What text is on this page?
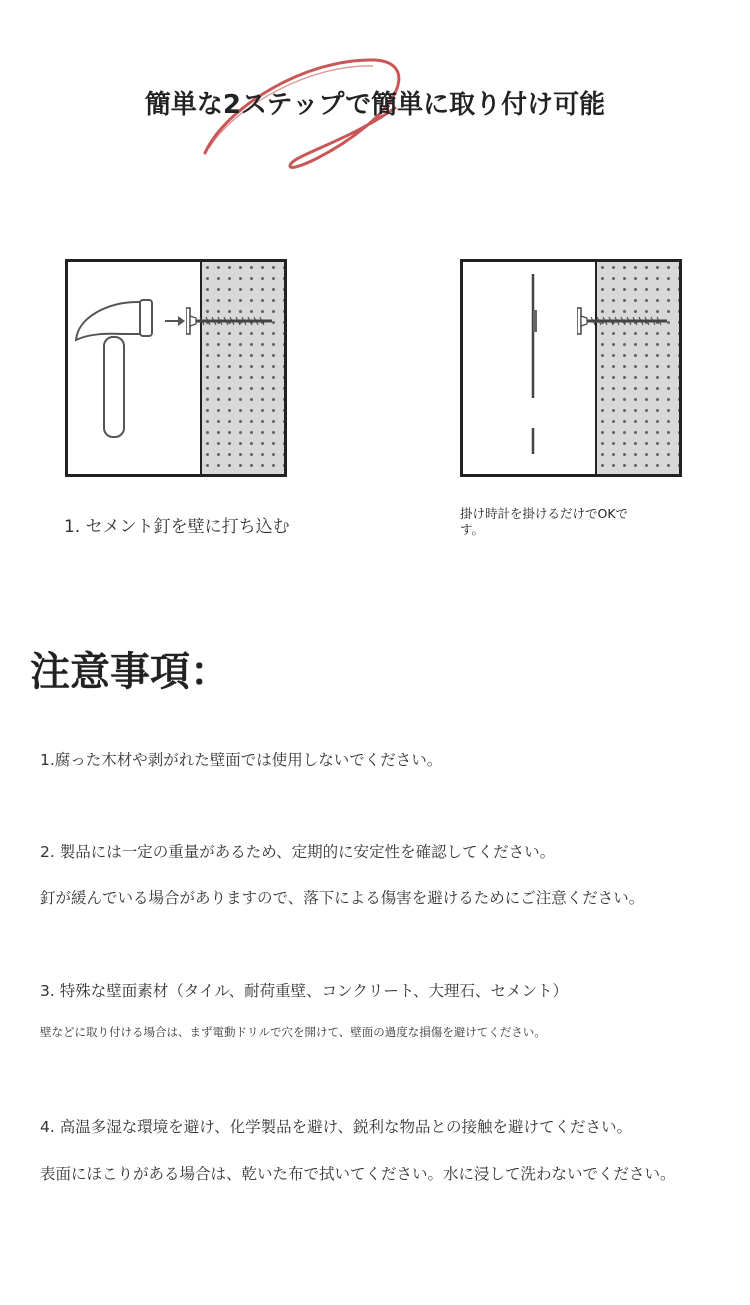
簡単な2ステップで簡単に取り付け可能
1. セメント釘を壁に打ち込む
掛け時計を掛けるだけでOKです。
注意事項：
1.腐った木材や剥がれた壁面では使用しないでください。
2. 製品には一定の重量があるため、定期的に安定性を確認してください。
釘が緩んでいる場合がありますので、落下による傷害を避けるためにご注意ください。
3. 特殊な壁面素材（タイル、耐荷重壁、コンクリート、大理石、セメント）
壁などに取り付ける場合は、まず電動ドリルで穴を開けて、壁面の過度な損傷を避けてください。
4. 高温多湿な環境を避け、化学製品を避け、鋭利な物品との接触を避けてください。
表面にほこりがある場合は、乾いた布で拭いてください。水に浸して洗わないでください。
